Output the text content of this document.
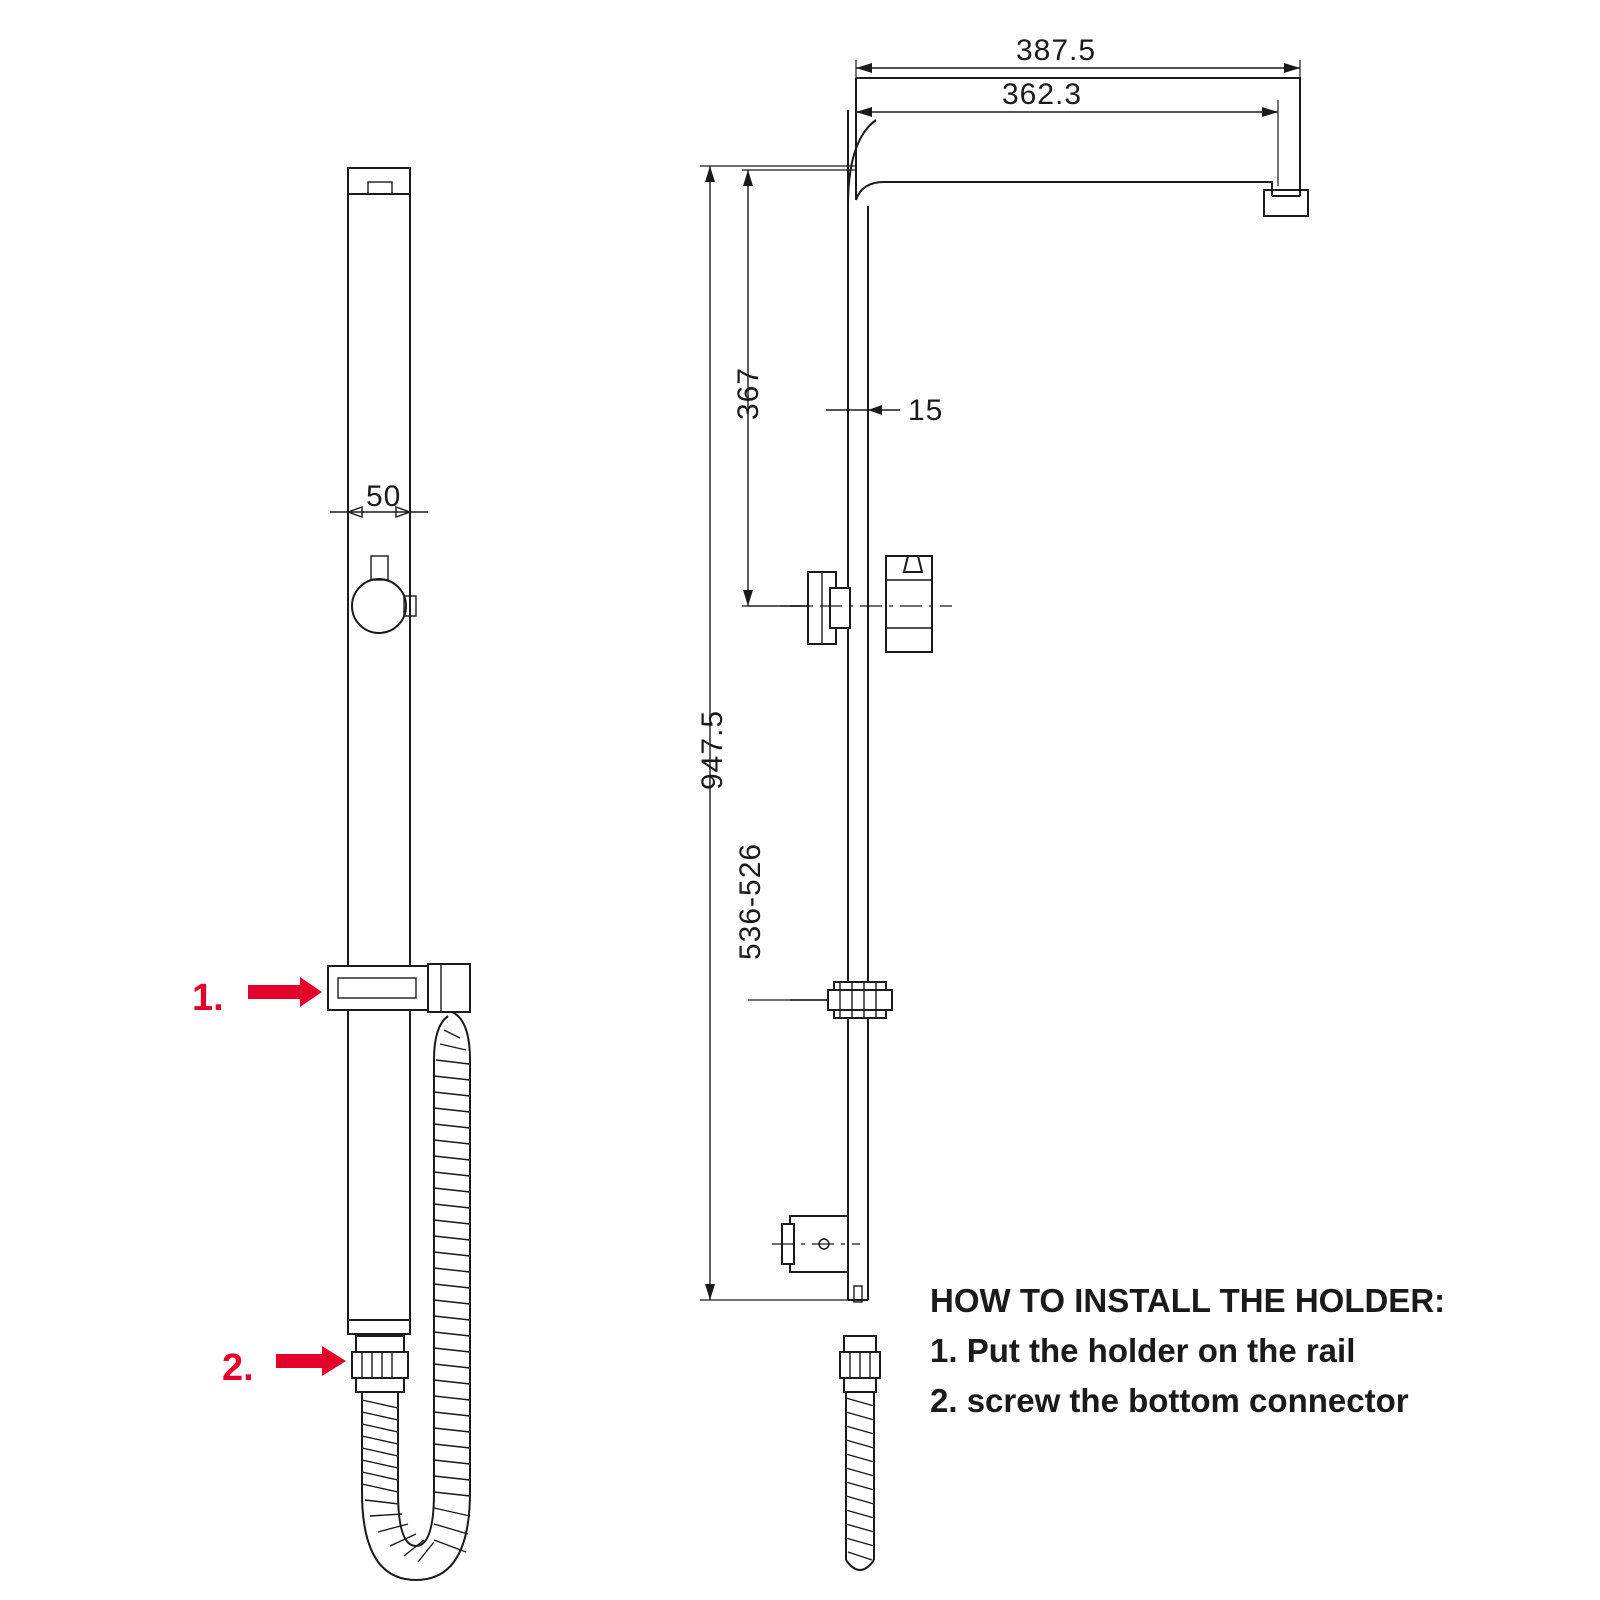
50
1.
2.
387.5
362.3
367	15
947.5
536-526
HOW TO INSTALL THE HOLDER:
1. Put the holder on the rail
2. screw the bottom connector
